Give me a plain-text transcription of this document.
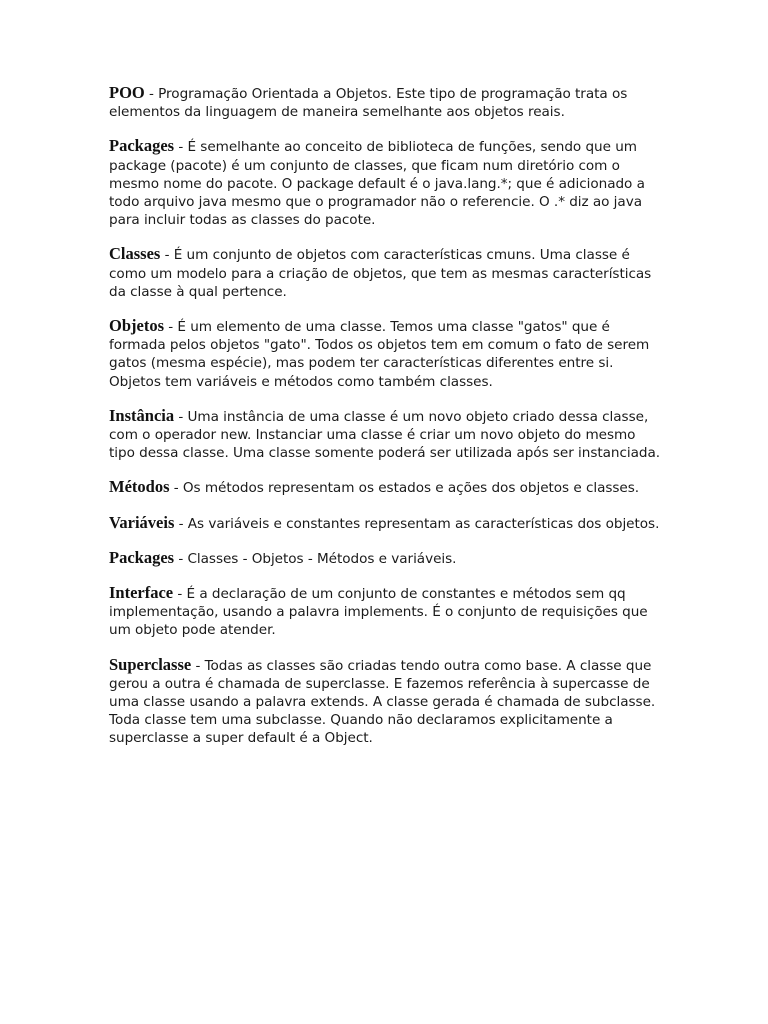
POO - Programação Orientada a Objetos. Este tipo de programação trata os elementos da linguagem de maneira semelhante aos objetos reais.

Packages - É semelhante ao conceito de biblioteca de funções, sendo que um package (pacote) é um conjunto de classes, que ficam num diretório com o mesmo nome do pacote. O package default é o java.lang.*; que é adicionado a todo arquivo java mesmo que o programador não o referencie. O .* diz ao java para incluir todas as classes do pacote.

Classes - É um conjunto de objetos com características cmuns. Uma classe é como um modelo para a criação de objetos, que tem as mesmas características da classe à qual pertence.

Objetos - É um elemento de uma classe. Temos uma classe "gatos" que é formada pelos objetos "gato". Todos os objetos tem em comum o fato de serem gatos (mesma espécie), mas podem ter características diferentes entre si. Objetos tem variáveis e métodos como também classes.

Instância - Uma instância de uma classe é um novo objeto criado dessa classe, com o operador new. Instanciar uma classe é criar um novo objeto do mesmo tipo dessa classe. Uma classe somente poderá ser utilizada após ser instanciada.

Métodos - Os métodos representam os estados e ações dos objetos e classes.

Variáveis - As variáveis e constantes representam as características dos objetos.

Packages - Classes - Objetos - Métodos e variáveis.

Interface - É a declaração de um conjunto de constantes e métodos sem qq implementação, usando a palavra implements. É o conjunto de requisições que um objeto pode atender.

Superclasse - Todas as classes são criadas tendo outra como base. A classe que gerou a outra é chamada de superclasse. E fazemos referência à supercasse de uma classe usando a palavra extends. A classe gerada é chamada de subclasse. Toda classe tem uma subclasse. Quando não declaramos explicitamente a superclasse a super default é a Object.
